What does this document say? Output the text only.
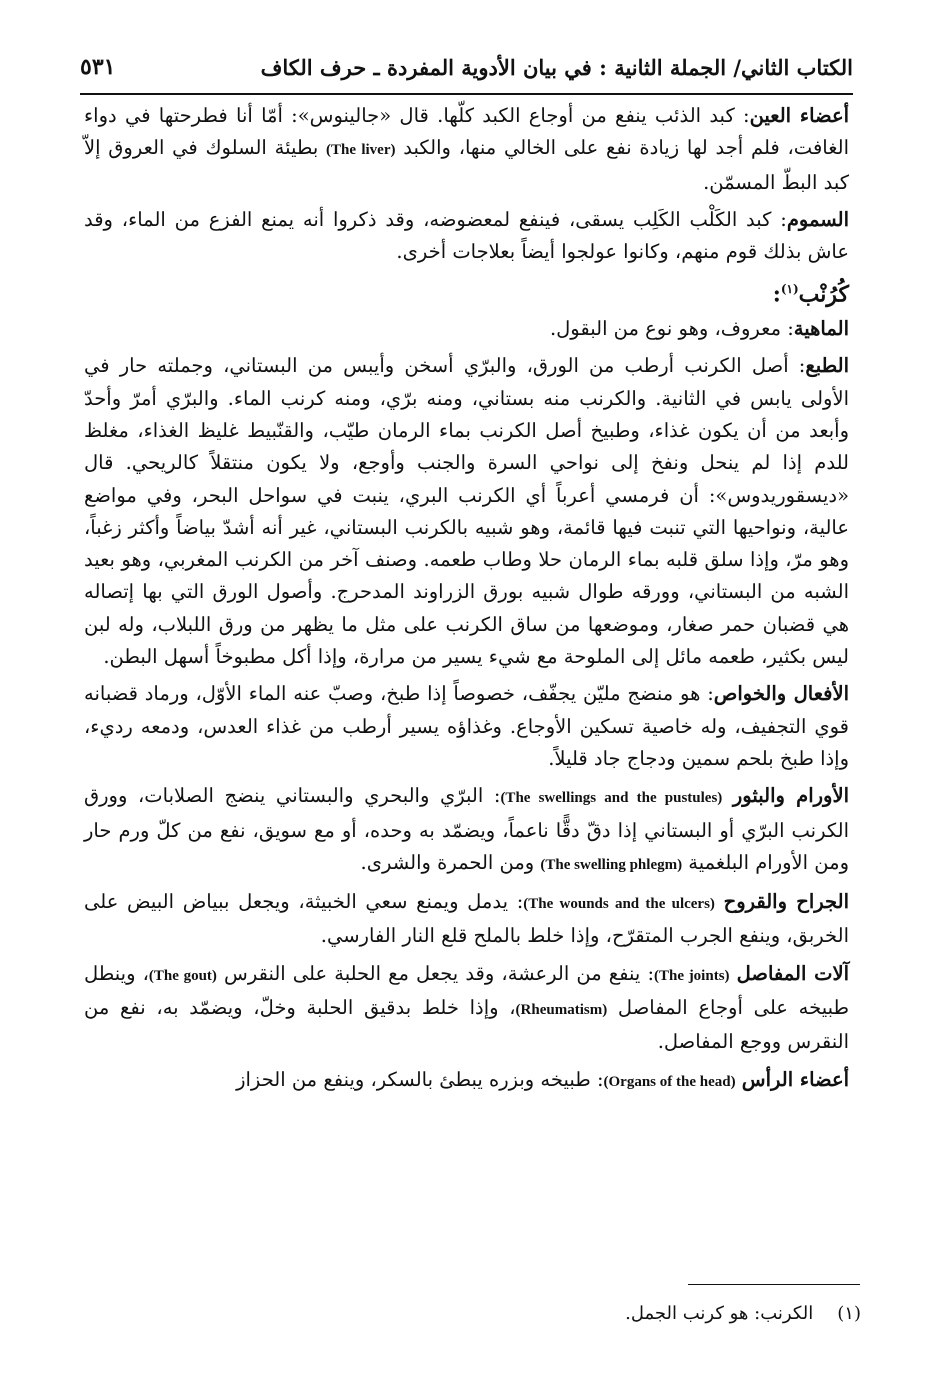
الكتاب الثاني/ الجملة الثانية : في بيان الأدوية المفردة ـ حرف الكاف
٥٣١

أعضاء العين: كبد الذئب ينفع من أوجاع الكبد كلّها. قال «جالينوس»: أمّا أنا فطرحتها في دواء الغافت، فلم أجد لها زيادة نفع على الخالي منها، والكبد (The liver) بطيئة السلوك في العروق إلاّ كبد البطّ المسمّن.

السموم: كبد الكَلْب الكَلِب يسقى، فينفع لمعضوضه، وقد ذكروا أنه يمنع الفزع من الماء، وقد عاش بذلك قوم منهم، وكانوا عولجوا أيضاً بعلاجات أخرى.

كُرُنْب$^{(١)}$:

الماهية: معروف، وهو نوع من البقول.

الطبع: أصل الكرنب أرطب من الورق، والبرّي أسخن وأيبس من البستاني، وجملته حار في الأولى يابس في الثانية. والكرنب منه بستاني، ومنه برّي، ومنه كرنب الماء. والبرّي أمرّ وأحدّ وأبعد من أن يكون غذاء، وطبيخ أصل الكرنب بماء الرمان طيّب، والقنّبيط غليظ الغذاء، مغلظ للدم إذا لم ينحل ونفخ إلى نواحي السرة والجنب وأوجع، ولا يكون منتقلاً كالريحي. قال «ديسقوريدوس»: أن فرمسي أعرباً أي الكرنب البري، ينبت في سواحل البحر، وفي مواضع عالية، ونواحيها التي تنبت فيها قائمة، وهو شبيه بالكرنب البستاني، غير أنه أشدّ بياضاً وأكثر زغباً، وهو مرّ، وإذا سلق قلبه بماء الرمان حلا وطاب طعمه. وصنف آخر من الكرنب المغربي، وهو بعيد الشبه من البستاني، وورقه طوال شبيه بورق الزراوند المدحرج. وأصول الورق التي بها إتصاله هي قضبان حمر صغار، وموضعها من ساق الكرنب على مثل ما يظهر من ورق اللبلاب، وله لبن ليس بكثير، طعمه مائل إلى الملوحة مع شيء يسير من مرارة، وإذا أكل مطبوخاً أسهل البطن.

الأفعال والخواص: هو منضج مليّن يجفّف، خصوصاً إذا طبخ، وصبّ عنه الماء الأوّل، ورماد قضبانه قوي التجفيف، وله خاصية تسكين الأوجاع. وغذاؤه يسير أرطب من غذاء العدس، ودمعه رديء، وإذا طبخ بلحم سمين ودجاج جاد قليلاً.

الأورام والبثور (The swellings and the pustules): البرّي والبحري والبستاني ينضج الصلابات، وورق الكرنب البرّي أو البستاني إذا دقّ دقًّا ناعماً، ويضمّد به وحده، أو مع سويق، نفع من كلّ ورم حار ومن الأورام البلغمية (The swelling phlegm) ومن الحمرة والشرى.

الجراح والقروح (The wounds and the ulcers): يدمل ويمنع سعي الخبيثة، ويجعل ببياض البيض على الخربق، وينفع الجرب المتقرّح، وإذا خلط بالملح قلع النار الفارسي.

آلات المفاصل (The joints): ينفع من الرعشة، وقد يجعل مع الحلبة على النقرس (The gout)، وينطل طبيخه على أوجاع المفاصل (Rheumatism)، وإذا خلط بدقيق الحلبة وخلّ، ويضمّد به، نفع من النقرس ووجع المفاصل.

أعضاء الرأس (Organs of the head): طبيخه وبزره يبطئ بالسكر، وينفع من الحزاز

(١)الكرنب: هو كرنب الجمل.
